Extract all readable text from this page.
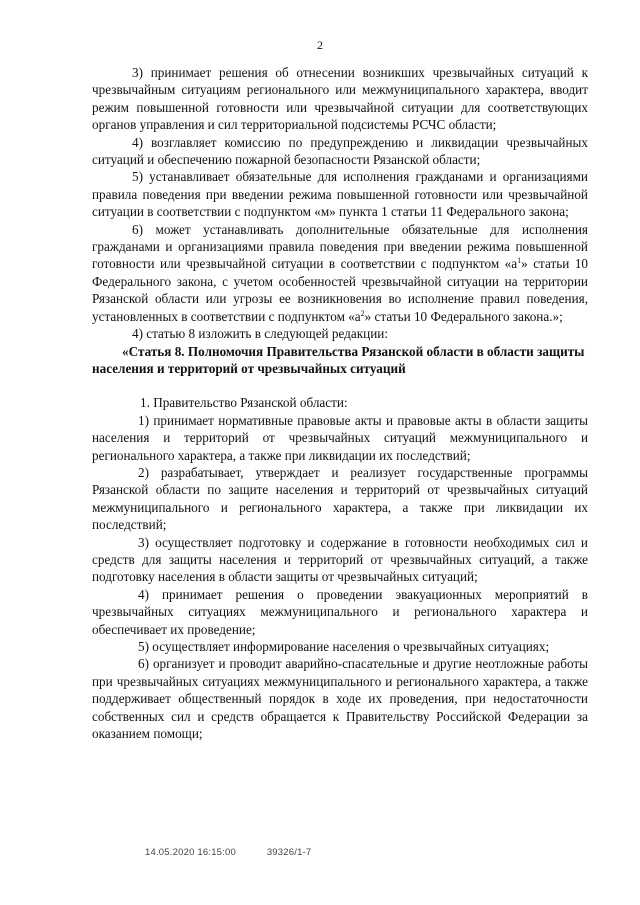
2

3) принимает решения об отнесении возникших чрезвычайных ситуаций к чрезвычайным ситуациям регионального или межмуниципального характера, вводит режим повышенной готовности или чрезвычайной ситуации для соответствующих органов управления и сил территориальной подсистемы РСЧС области;

4) возглавляет комиссию по предупреждению и ликвидации чрезвычайных ситуаций и обеспечению пожарной безопасности Рязанской области;

5) устанавливает обязательные для исполнения гражданами и организациями правила поведения при введении режима повышенной готовности или чрезвычайной ситуации в соответствии с подпунктом «м» пункта 1 статьи 11 Федерального закона;

6) может устанавливать дополнительные обязательные для исполнения гражданами и организациями правила поведения при введении режима повышенной готовности или чрезвычайной ситуации в соответствии с подпунктом «$а^1$» статьи 10 Федерального закона, с учетом особенностей чрезвычайной ситуации на территории Рязанской области или угрозы ее возникновения во исполнение правил поведения, установленных в соответствии с подпунктом «$а^2$» статьи 10 Федерального закона.»;

4) статью 8 изложить в следующей редакции:

«Статья 8. Полномочия Правительства Рязанской области в области защиты населения и территорий от чрезвычайных ситуаций

1. Правительство Рязанской области:

1) принимает нормативные правовые акты и правовые акты в области защиты населения и территорий от чрезвычайных ситуаций межмуниципального и регионального характера, а также при ликвидации их последствий;

2) разрабатывает, утверждает и реализует государственные программы Рязанской области по защите населения и территорий от чрезвычайных ситуаций межмуниципального и регионального характера, а также при ликвидации их последствий;

3) осуществляет подготовку и содержание в готовности необходимых сил и средств для защиты населения и территорий от чрезвычайных ситуаций, а также подготовку населения в области защиты от чрезвычайных ситуаций;

4) принимает решения о проведении эвакуационных мероприятий в чрезвычайных ситуациях межмуниципального и регионального характера и обеспечивает их проведение;

5) осуществляет информирование населения о чрезвычайных ситуациях;

6) организует и проводит аварийно-спасательные и другие неотложные работы при чрезвычайных ситуациях межмуниципального и регионального характера, а также поддерживает общественный порядок в ходе их проведения, при недостаточности собственных сил и средств обращается к Правительству Российской Федерации за оказанием помощи;

14.05.2020 16:15:00	39326/1-7
